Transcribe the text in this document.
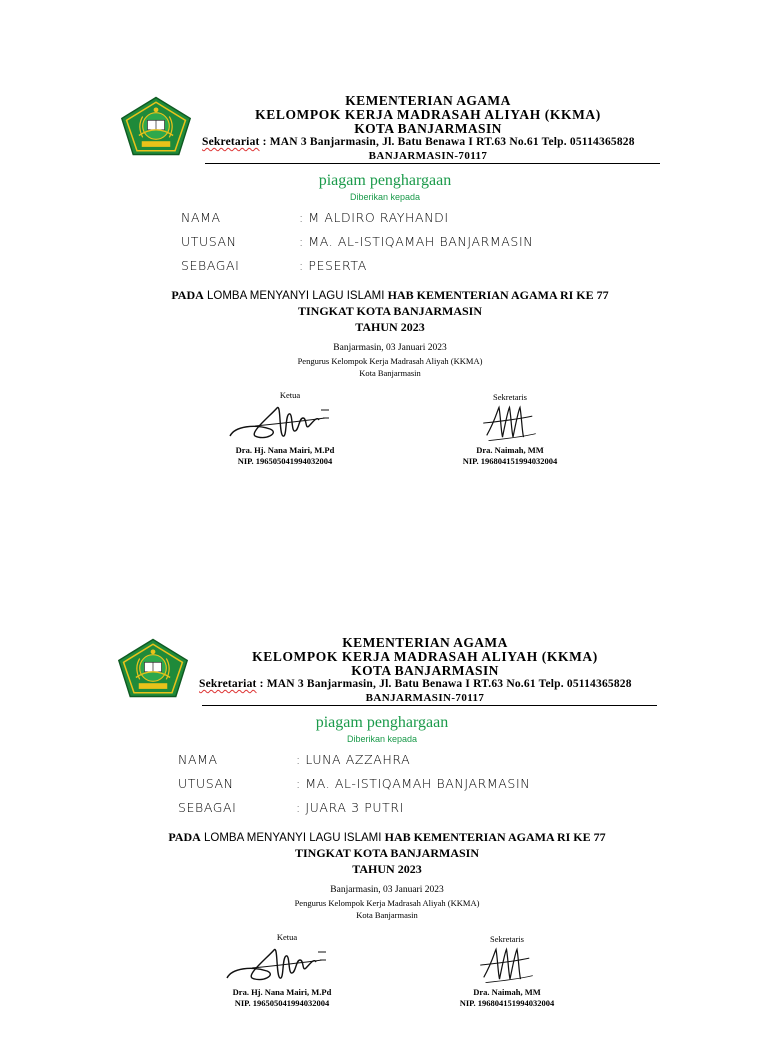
KEMENTERIAN AGAMA
KELOMPOK KERJA MADRASAH ALIYAH (KKMA)
KOTA BANJARMASIN
Sekretariat : MAN 3 Banjarmasin, Jl. Batu Benawa I RT.63 No.61 Telp. 05114365828
BANJARMASIN-70117
piagam penghargaan
Diberikan kepada
NAMA	: M ALDIRO RAYHANDI
UTUSAN	: MA. AL-ISTIQAMAH BANJARMASIN
SEBAGAI	: PESERTA
PADA LOMBA MENYANYI LAGU ISLAMI HAB KEMENTERIAN AGAMA RI KE 77
TINGKAT KOTA BANJARMASIN
TAHUN 2023
Banjarmasin, 03 Januari 2023
Pengurus Kelompok Kerja Madrasah Aliyah (KKMA)
Kota Banjarmasin
Ketua
Dra. Hj. Nana Mairi, M.Pd
NIP. 196505041994032004
Sekretaris
Dra. Naimah, MM
NIP. 196804151994032004
KEMENTERIAN AGAMA
KELOMPOK KERJA MADRASAH ALIYAH (KKMA)
KOTA BANJARMASIN
Sekretariat : MAN 3 Banjarmasin, Jl. Batu Benawa I RT.63 No.61 Telp. 05114365828
BANJARMASIN-70117
piagam penghargaan
Diberikan kepada
NAMA	: LUNA AZZAHRA
UTUSAN	: MA. AL-ISTIQAMAH BANJARMASIN
SEBAGAI	: JUARA 3 PUTRI
PADA LOMBA MENYANYI LAGU ISLAMI HAB KEMENTERIAN AGAMA RI KE 77
TINGKAT KOTA BANJARMASIN
TAHUN 2023
Banjarmasin, 03 Januari 2023
Pengurus Kelompok Kerja Madrasah Aliyah (KKMA)
Kota Banjarmasin
Ketua
Dra. Hj. Nana Mairi, M.Pd
NIP. 196505041994032004
Sekretaris
Dra. Naimah, MM
NIP. 196804151994032004
